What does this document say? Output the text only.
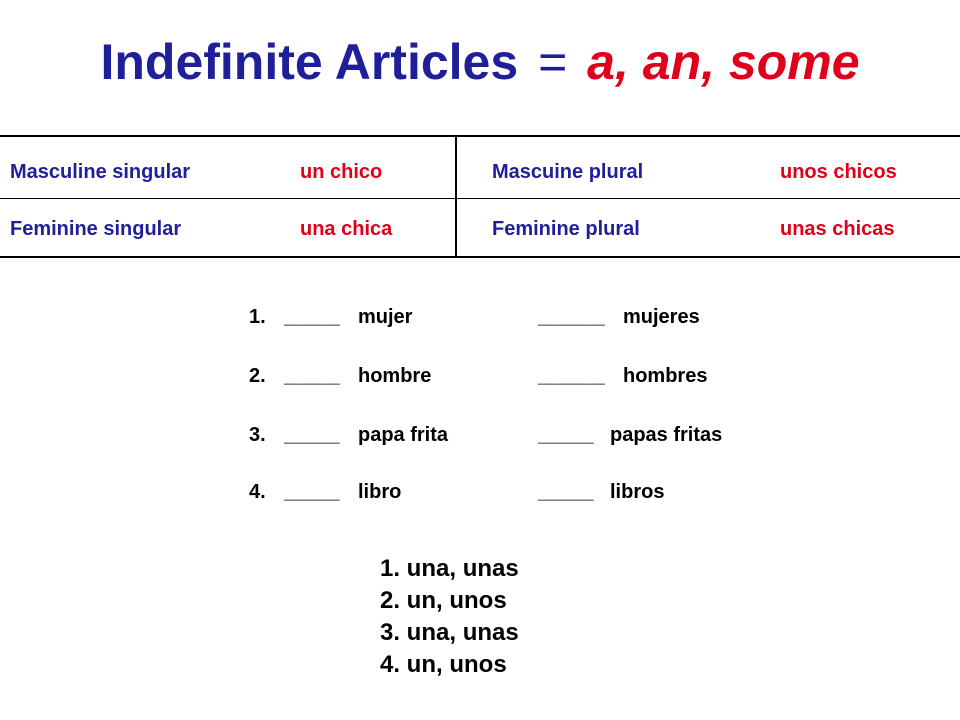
Indefinite Articles = a, an, some
Masculine singular	un chico	Mascuine plural	unos chicos
Feminine singular	una chica	Feminine plural	unas chicas
1. _____ mujer	______ mujeres
2. _____ hombre	______ hombres
3. _____ papa frita	_____ papas fritas
4. _____ libro	_____ libros
1. una, unas
2. un, unos
3. una, unas
4. un, unos
